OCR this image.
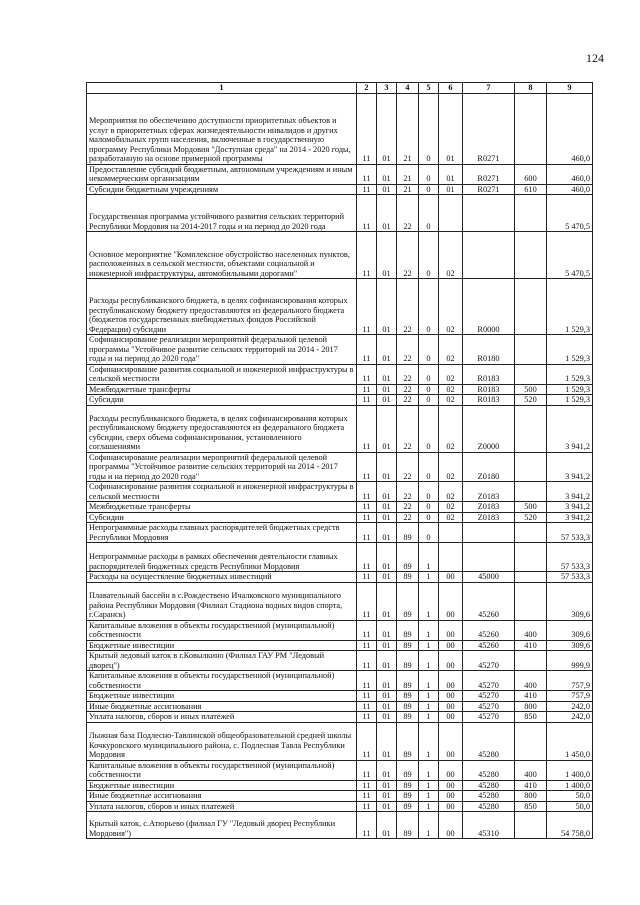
124
1	2	3	4	5	6	7	8	9
Мероприятия по обеспечению доступности приоритетных объектов и услуг в приоритетных сферах жизнедеятельности инвалидов и других маломобильных групп населения, включенные в государственную программу Республики Мордовия "Доступная среда" на 2014 - 2020 годы, разработанную на основе примерной программы	11	01	21	0	01	R0271		460,0
Предоставление субсидий бюджетным, автономным учреждениям и иным некоммерческим организациям	11	01	21	0	01	R0271	600	460,0
Субсидии бюджетным учреждениям	11	01	21	0	01	R0271	610	460,0
Государственная программа устойчивого развития сельских территорий Республики Мордовия на 2014-2017 годы и на период до 2020 года	11	01	22	0				5 470,5
Основное мероприятие "Комплексное обустройство населенных пунктов, расположенных в сельской местности, объектами социальной и инженерной инфраструктуры, автомобильными дорогами"	11	01	22	0	02			5 470,5
Расходы республиканского бюджета, в целях софинансирования которых республиканскому бюджету предоставляются из федерального бюджета (бюджетов государственных внебюджетных фондов Российской Федерации) субсидии	11	01	22	0	02	R0000		1 529,3
Софинансирование реализации мероприятий федеральной целевой программы "Устойчивое развитие сельских территорий на 2014 - 2017 годы и на период до 2020 года"	11	01	22	0	02	R0180		1 529,3
Софинансирование развития социальной и инженерной инфраструктуры в сельской местности	11	01	22	0	02	R0183		1 529,3
Межбюджетные трансферты	11	01	22	0	02	R0183	500	1 529,3
Субсидии	11	01	22	0	02	R0183	520	1 529,3
Расходы республиканского бюджета, в целях софинансирования которых республиканскому бюджету предоставляются из федерального бюджета субсидии, сверх объема софинансирования, установленного соглашениями	11	01	22	0	02	Z0000		3 941,2
Софинансирование реализации мероприятий федеральной целевой программы "Устойчивое развитие сельских территорий на 2014 - 2017 годы и на период до 2020 года"	11	01	22	0	02	Z0180		3 941,2
Софинансирование развития социальной и инженерной инфраструктуры в сельской местности	11	01	22	0	02	Z0183		3 941,2
Межбюджетные трансферты	11	01	22	0	02	Z0183	500	3 941,2
Субсидии	11	01	22	0	02	Z0183	520	3 941,2
Непрограммные расходы главных распорядителей бюджетных средств Республики Мордовия	11	01	89	0				57 533,3
Непрограммные расходы в рамках обеспечения деятельности главных распорядителей бюджетных средств Республики Мордовия	11	01	89	1				57 533,3
Расходы на осуществление бюджетных инвестиций	11	01	89	1	00	45000		57 533,3
Плавательный бассейн в с.Рождествено Ичалковского муниципального района Республики Мордовия (Филиал Стадиона водных видов спорта, г.Саранск)	11	01	89	1	00	45260		309,6
Капитальные вложения в объекты государственной (муниципальной) собственности	11	01	89	1	00	45260	400	309,6
Бюджетные инвестиции	11	01	89	1	00	45260	410	309,6
Крытый ледовый каток в г.Ковылкино (Филиал ГАУ РМ "Ледовый дворец")	11	01	89	1	00	45270		999,9
Капитальные вложения в объекты государственной (муниципальной) собственности	11	01	89	1	00	45270	400	757,9
Бюджетные инвестиции	11	01	89	1	00	45270	410	757,9
Иные бюджетные ассигнования	11	01	89	1	00	45270	800	242,0
Уплата налогов, сборов и иных платежей	11	01	89	1	00	45270	850	242,0
Лыжная база Подлесно-Тавлинской общеобразовательной средней школы Кочкуровского муниципального района, с. Подлесная Тавла Республики Мордовия	11	01	89	1	00	45280		1 450,0
Капитальные вложения в объекты государственной (муниципальной) собственности	11	01	89	1	00	45280	400	1 400,0
Бюджетные инвестиции	11	01	89	1	00	45280	410	1 400,0
Иные бюджетные ассигнования	11	01	89	1	00	45280	800	50,0
Уплата налогов, сборов и иных платежей	11	01	89	1	00	45280	850	50,0
Крытый каток, с.Атюрьево (филиал ГУ "Ледовый дворец Республики Мордовия")	11	01	89	1	00	45310		54 758,0
